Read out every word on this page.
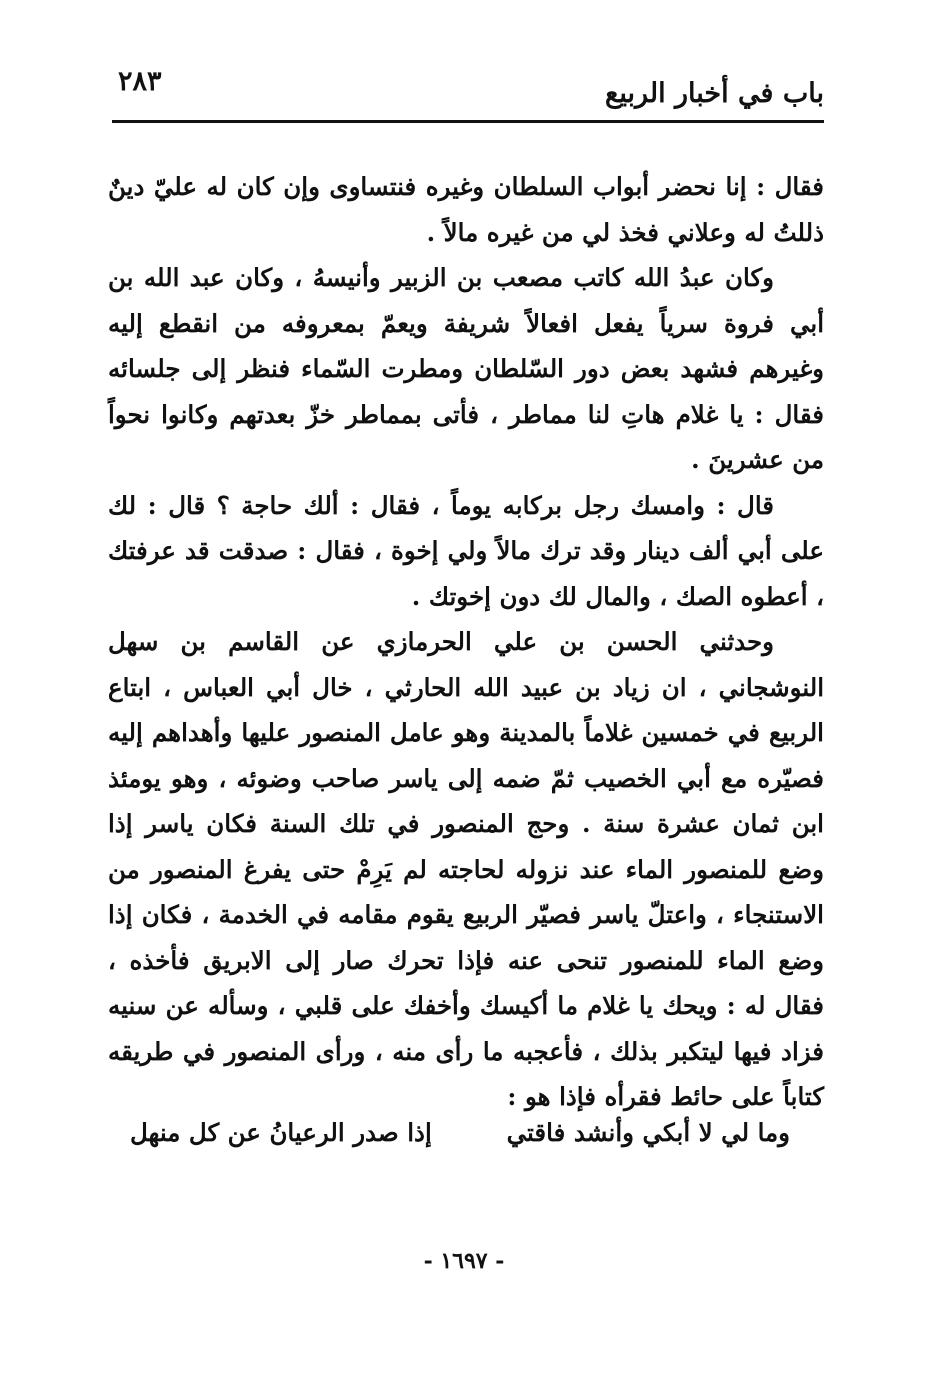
باب في أخبار الربيع
٢٨٣

فقال : إنا نحضر أبواب السلطان وغيره فنتساوى وإن كان له عليّ دينٌ ذللتُ له وعلاني فخذ لي من غيره مالاً .

وكان عبدُ الله كاتب مصعب بن الزبير وأنيسهُ ، وكان عبد الله بن أبي فروة سرياً يفعل افعالاً شريفة ويعمّ بمعروفه من انقطع إليه وغيرهم فشهد بعض دور السّلطان ومطرت السّماء فنظر إلى جلسائه فقال : يا غلام هاتِ لنا مماطر ، فأتى بمماطر خزّ بعدتهم وكانوا نحواً من عشرينَ .

قال : وامسك رجل بركابه يوماً ، فقال : ألك حاجة ؟ قال : لك على أبي ألف دينار وقد ترك مالاً ولي إخوة ، فقال : صدقت قد عرفتك ، أعطوه الصك ، والمال لك دون إخوتك .

وحدثني الحسن بن علي الحرمازي عن القاسم بن سهل النوشجاني ، ان زياد بن عبيد الله الحارثي ، خال أبي العباس ، ابتاع الربيع في خمسين غلاماً بالمدينة وهو عامل المنصور عليها وأهداهم إليه فصيّره مع أبي الخصيب ثمّ ضمه إلى ياسر صاحب وضوئه ، وهو يومئذ ابن ثمان عشرة سنة . وحج المنصور في تلك السنة فكان ياسر إذا وضع للمنصور الماء عند نزوله لحاجته لم يَرِمْ حتى يفرغ المنصور من الاستنجاء ، واعتلّ ياسر فصيّر الربيع يقوم مقامه في الخدمة ، فكان إذا وضع الماء للمنصور تنحى عنه فإذا تحرك صار إلى الابريق فأخذه ، فقال له : ويحك يا غلام ما أكيسك وأخفك على قلبي ، وسأله عن سنيه فزاد فيها ليتكبر بذلك ، فأعجبه ما رأى منه ، ورأى المنصور في طريقه كتاباً على حائط فقرأه فإذا هو :

وما لي لا أبكي وأنشد فاقتي
إذا صدر الرعيانُ عن كل منهل
- ١٦٩٧ -
